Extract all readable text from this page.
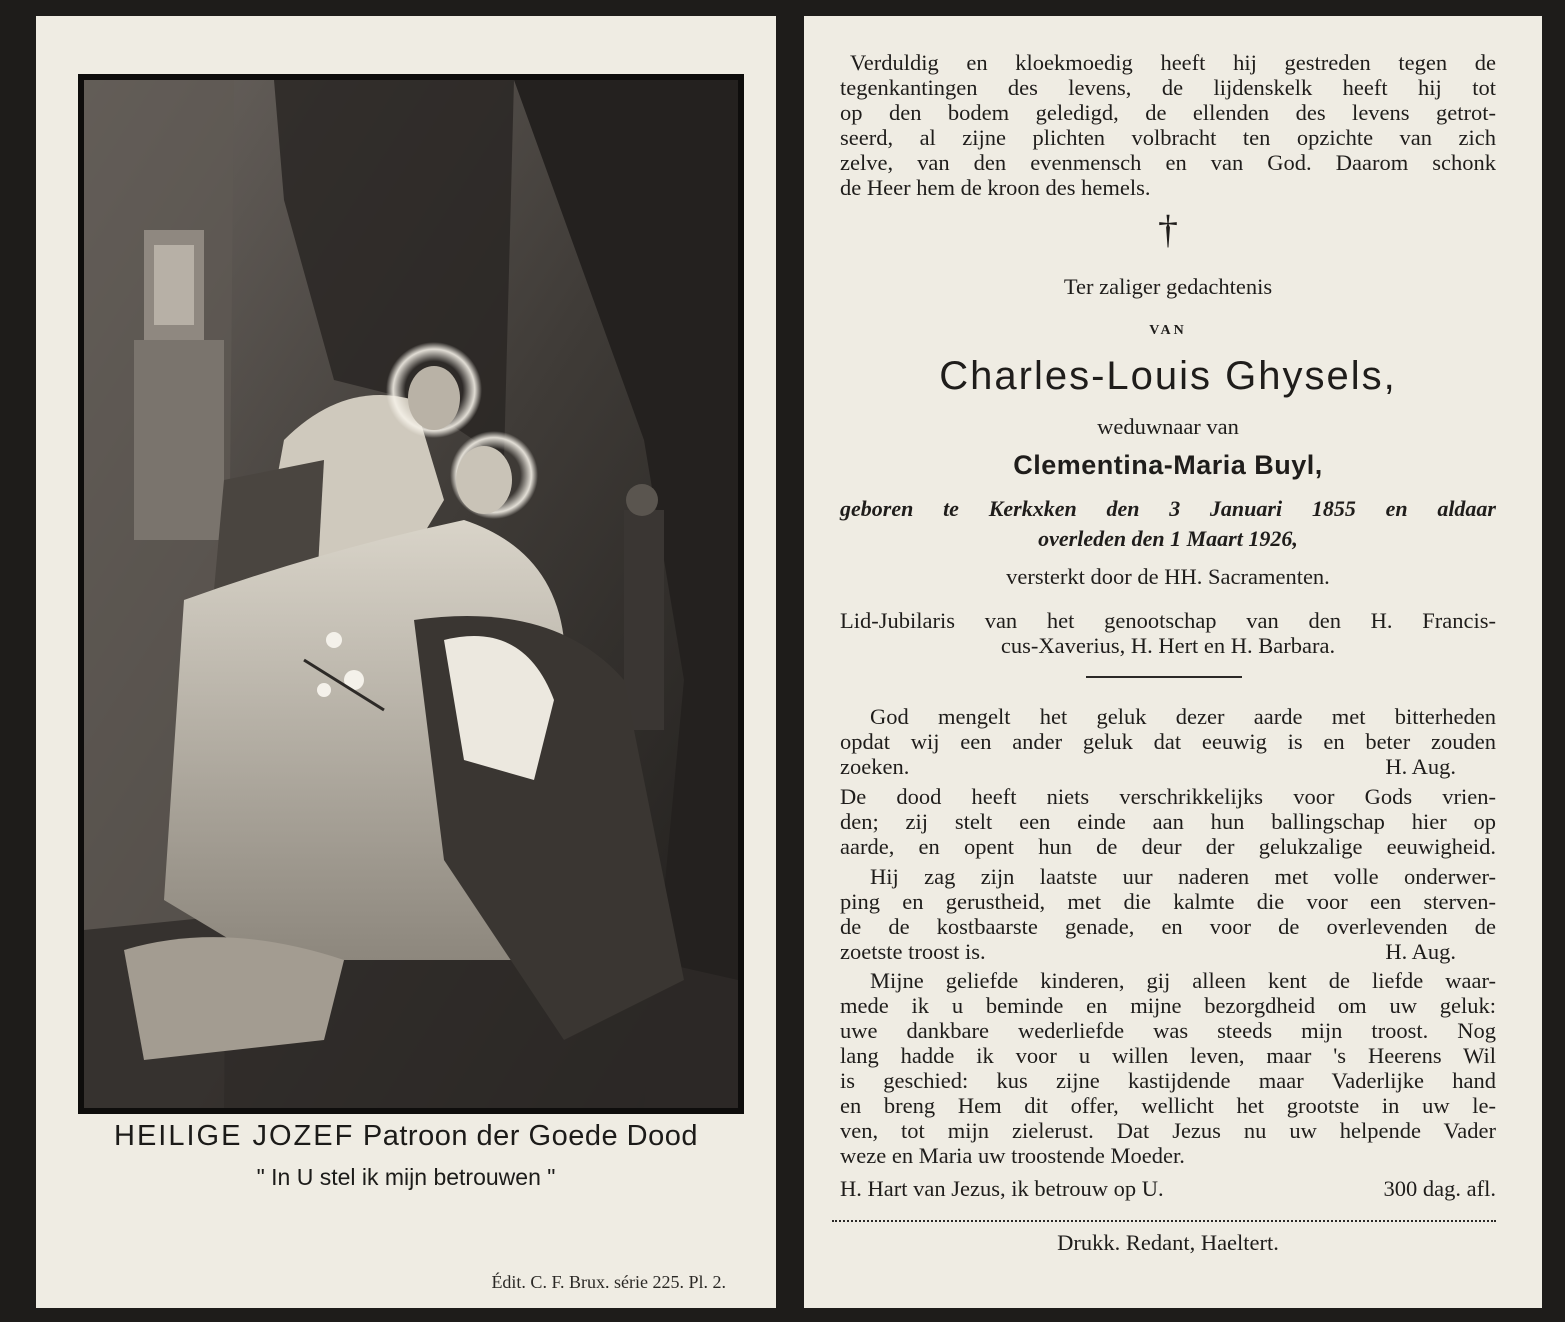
HEILIGE JOZEF Patroon der Goede Dood
" In U stel ik mijn betrouwen "
Édit. C. F. Brux. série 225. Pl. 2.
Verduldig en kloekmoedig heeft hij gestreden tegen de
tegenkantingen des levens, de lijdenskelk heeft hij tot
op den bodem geledigd, de ellenden des levens getrot-
seerd, al zijne plichten volbracht ten opzichte van zich
zelve, van den evenmensch en van God. Daarom schonk
de Heer hem de kroon des hemels.
†
Ter zaliger gedachtenis
VAN
Charles-Louis Ghysels,
weduwnaar van
Clementina-Maria Buyl,
geboren te Kerkxken den 3 Januari 1855 en aldaar
overleden den 1 Maart 1926,
versterkt door de HH. Sacramenten.
Lid-Jubilaris van het genootschap van den H. Francis-
cus-Xaverius, H. Hert en H. Barbara.
God mengelt het geluk dezer aarde met bitterheden
opdat wij een ander geluk dat eeuwig is en beter zouden
zoeken.	H. Aug.
De dood heeft niets verschrikkelijks voor Gods vrien-
den; zij stelt een einde aan hun ballingschap hier op
aarde, en opent hun de deur der gelukzalige eeuwigheid.
Hij zag zijn laatste uur naderen met volle onderwer-
ping en gerustheid, met die kalmte die voor een sterven-
de de kostbaarste genade, en voor de overlevenden de
zoetste troost is.	H. Aug.
Mijne geliefde kinderen, gij alleen kent de liefde waar-
mede ik u beminde en mijne bezorgdheid om uw geluk:
uwe dankbare wederliefde was steeds mijn troost. Nog
lang hadde ik voor u willen leven, maar 's Heerens Wil
is geschied: kus zijne kastijdende maar Vaderlijke hand
en breng Hem dit offer, wellicht het grootste in uw le-
ven, tot mijn zielerust. Dat Jezus nu uw helpende Vader
weze en Maria uw troostende Moeder.
H. Hart van Jezus, ik betrouw op U.	300 dag. afl.
Drukk. Redant, Haeltert.
